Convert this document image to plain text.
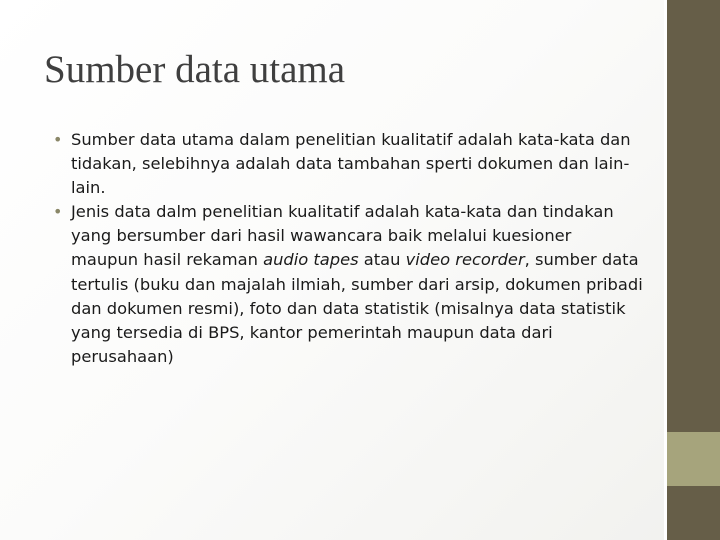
Sumber data utama
• Sumber data utama dalam penelitian kualitatif adalah kata-kata dan tidakan, selebihnya adalah data tambahan sperti dokumen dan lain-lain.
• Jenis data dalm penelitian kualitatif adalah kata-kata dan tindakan yang bersumber dari hasil wawancara baik melalui kuesioner maupun hasil rekaman audio tapes atau video recorder, sumber data tertulis (buku dan majalah ilmiah, sumber dari arsip, dokumen pribadi dan dokumen resmi), foto dan data statistik (misalnya data statistik yang tersedia di BPS, kantor pemerintah maupun data dari perusahaan)
